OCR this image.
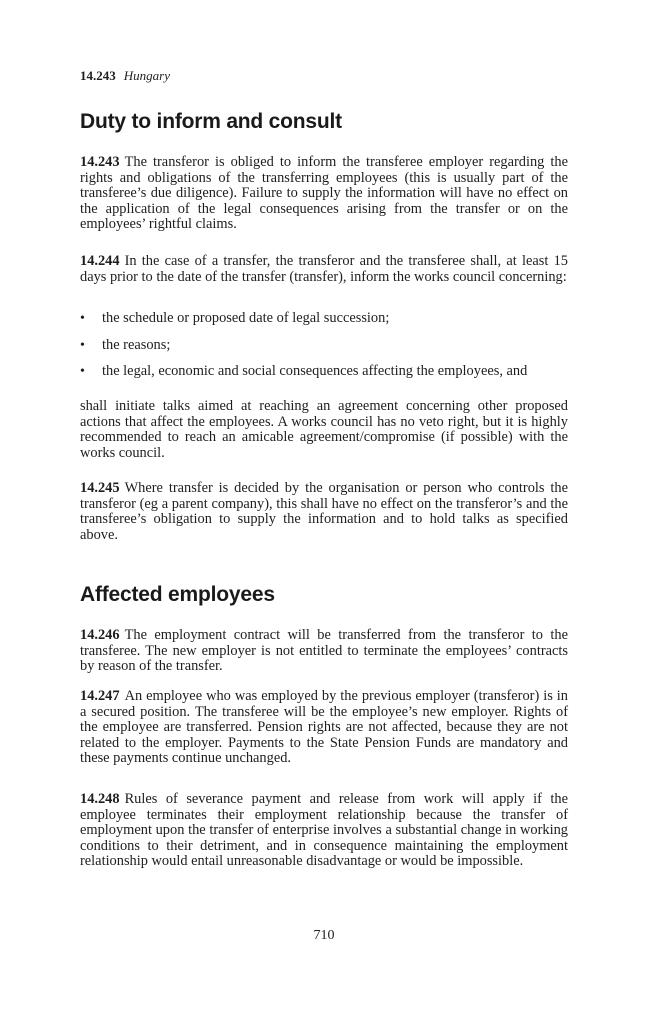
14.243 Hungary
Duty to inform and consult

14.243 The transferor is obliged to inform the transferee employer regarding the rights and obligations of the transferring employees (this is usually part of the transferee’s due diligence). Failure to supply the information will have no effect on the application of the legal consequences arising from the transfer or on the employees’ rightful claims.

14.244 In the case of a transfer, the transferor and the transferee shall, at least 15 days prior to the date of the transfer (transfer), inform the works council concerning:

• the schedule or proposed date of legal succession;
• the reasons;
• the legal, economic and social consequences affecting the employees, and

shall initiate talks aimed at reaching an agreement concerning other proposed actions that affect the employees. A works council has no veto right, but it is highly recommended to reach an amicable agreement/compromise (if possible) with the works council.

14.245 Where transfer is decided by the organisation or person who controls the transferor (eg a parent company), this shall have no effect on the transferor’s and the transferee’s obligation to supply the information and to hold talks as specified above.

Affected employees

14.246 The employment contract will be transferred from the transferor to the transferee. The new employer is not entitled to terminate the employees’ contracts by reason of the transfer.

14.247 An employee who was employed by the previous employer (transferor) is in a secured position. The transferee will be the employee’s new employer. Rights of the employee are transferred. Pension rights are not affected, because they are not related to the employer. Payments to the State Pension Funds are mandatory and these payments continue unchanged.

14.248 Rules of severance payment and release from work will apply if the employee terminates their employment relationship because the transfer of employment upon the transfer of enterprise involves a substantial change in working conditions to their detriment, and in consequence maintaining the employment relationship would entail unreasonable disadvantage or would be impossible.

710
